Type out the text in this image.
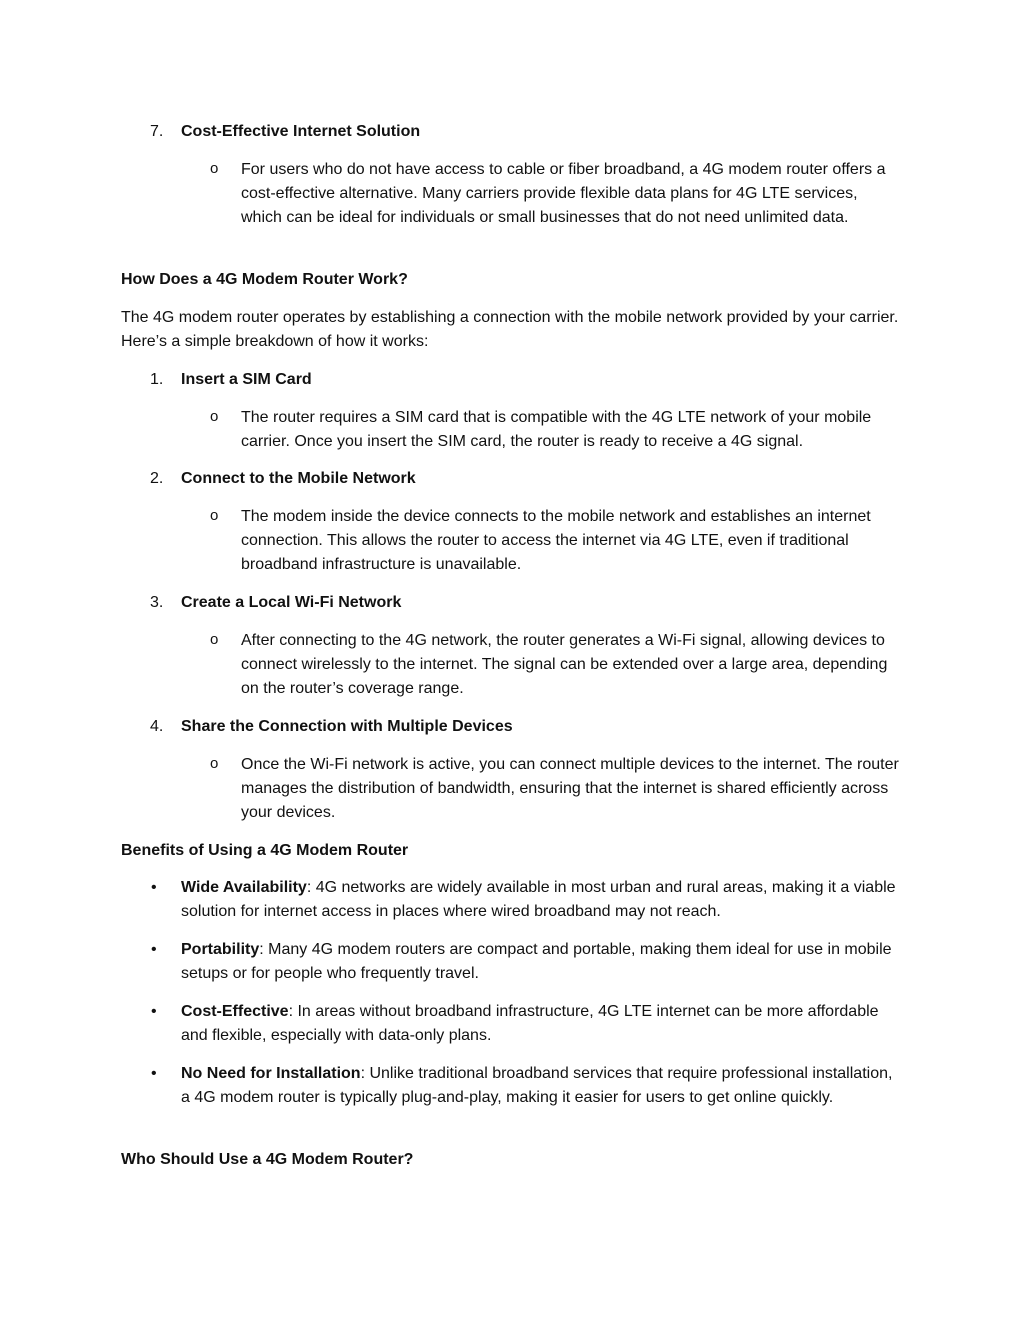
7.	Cost-Effective Internet Solution
o For users who do not have access to cable or fiber broadband, a 4G modem router offers a cost-effective alternative. Many carriers provide flexible data plans for 4G LTE services, which can be ideal for individuals or small businesses that do not need unlimited data.
How Does a 4G Modem Router Work?
The 4G modem router operates by establishing a connection with the mobile network provided by your carrier. Here’s a simple breakdown of how it works:
1.	Insert a SIM Card
o The router requires a SIM card that is compatible with the 4G LTE network of your mobile carrier. Once you insert the SIM card, the router is ready to receive a 4G signal.
2.	Connect to the Mobile Network
o The modem inside the device connects to the mobile network and establishes an internet connection. This allows the router to access the internet via 4G LTE, even if traditional broadband infrastructure is unavailable.
3.	Create a Local Wi-Fi Network
o After connecting to the 4G network, the router generates a Wi-Fi signal, allowing devices to connect wirelessly to the internet. The signal can be extended over a large area, depending on the router’s coverage range.
4.	Share the Connection with Multiple Devices
o Once the Wi-Fi network is active, you can connect multiple devices to the internet. The router manages the distribution of bandwidth, ensuring that the internet is shared efficiently across your devices.
Benefits of Using a 4G Modem Router
• Wide Availability: 4G networks are widely available in most urban and rural areas, making it a viable solution for internet access in places where wired broadband may not reach.
• Portability: Many 4G modem routers are compact and portable, making them ideal for use in mobile setups or for people who frequently travel.
• Cost-Effective: In areas without broadband infrastructure, 4G LTE internet can be more affordable and flexible, especially with data-only plans.
• No Need for Installation: Unlike traditional broadband services that require professional installation, a 4G modem router is typically plug-and-play, making it easier for users to get online quickly.
Who Should Use a 4G Modem Router?
